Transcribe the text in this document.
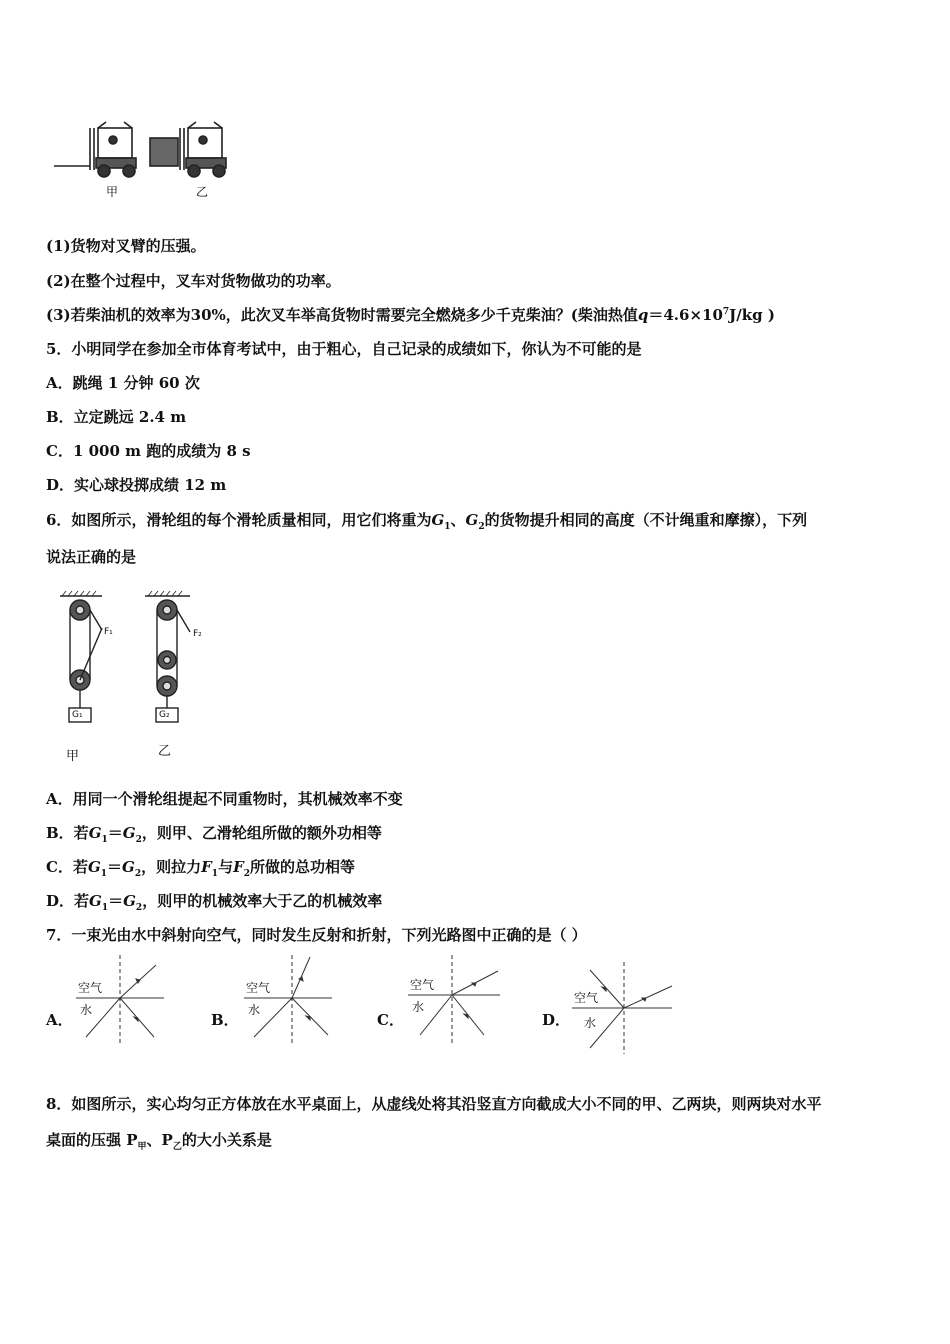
甲	乙
(1)货物对叉臂的压强。
(2)在整个过程中，叉车对货物做功的功率。
(3)若柴油机的效率为30%，此次叉车举高货物时需要完全燃烧多少千克柴油？(柴油热值$q=4.6\times 10^7J/kg$ )
5．小明同学在参加全市体育考试中，由于粗心，自己记录的成绩如下，你认为不可能的是
A．跳绳 1 分钟 60 次
B．立定跳远 2.4 m
C．1 000 m 跑的成绩为 8 s
D．实心球投掷成绩 12 m
6．如图所示，滑轮组的每个滑轮质量相同，用它们将重为$G_1$、$G_2$的货物提升相同的高度（不计绳重和摩擦），下列
说法正确的是
F₁	F₂
G₁	G₂
甲	乙
A．用同一个滑轮组提起不同重物时，其机械效率不变
B．若$G_1=G_2$，则甲、乙滑轮组所做的额外功相等
C．若$G_1=G_2$，则拉力$F_1$与$F_2$所做的总功相等
D．若$G_1=G_2$，则甲的机械效率大于乙的机械效率
7．一束光由水中斜射向空气，同时发生反射和折射，下列光路图中正确的是（ ）
A．
空气
水
B．
空气
水
C．
空气
水
D．
空气
水
8．如图所示，实心均匀正方体放在水平桌面上，从虚线处将其沿竖直方向截成大小不同的甲、乙两块，则两块对水平
桌面的压强 $P_甲$、$P_乙$的大小关系是
